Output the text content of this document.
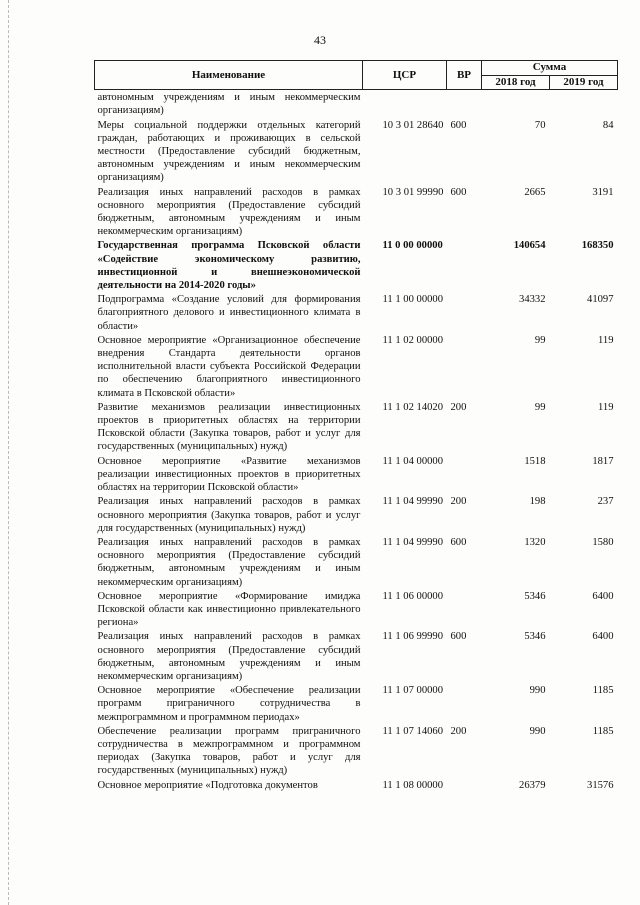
43
Наименование	ЦСР	ВР	Сумма	
			2018 год	2019 год
автономным учреждениям и иным некоммерческим организациям)				
Меры социальной поддержки отдельных категорий граждан, работающих и проживающих в сельской местности (Предоставление субсидий бюджетным, автономным учреждениям и иным некоммерческим организациям)	10 3 01 28640	600	70	84
Реализация иных направлений расходов в рамках основного мероприятия (Предоставление субсидий бюджетным, автономным учреждениям и иным некоммерческим организациям)	10 3 01 99990	600	2665	3191
Государственная программа Псковской области «Содействие экономическому развитию, инвестиционной и внешнеэкономической деятельности на 2014-2020 годы»	11 0 00 00000		140654	168350
Подпрограмма «Создание условий для формирования благоприятного делового и инвестиционного климата в области»	11 1 00 00000		34332	41097
Основное мероприятие «Организационное обеспечение внедрения Стандарта деятельности органов исполнительной власти субъекта Российской Федерации по обеспечению благоприятного инвестиционного климата в Псковской области»	11 1 02 00000		99	119
Развитие механизмов реализации инвестиционных проектов в приоритетных областях на территории Псковской области (Закупка товаров, работ и услуг для государственных (муниципальных) нужд)	11 1 02 14020	200	99	119
Основное мероприятие «Развитие механизмов реализации инвестиционных проектов в приоритетных областях на территории Псковской области»	11 1 04 00000		1518	1817
Реализация иных направлений расходов в рамках основного мероприятия (Закупка товаров, работ и услуг для государственных (муниципальных) нужд)	11 1 04 99990	200	198	237
Реализация иных направлений расходов в рамках основного мероприятия (Предоставление субсидий бюджетным, автономным учреждениям и иным некоммерческим организациям)	11 1 04 99990	600	1320	1580
Основное мероприятие «Формирование имиджа Псковской области как инвестиционно привлекательного региона»	11 1 06 00000		5346	6400
Реализация иных направлений расходов в рамках основного мероприятия (Предоставление субсидий бюджетным, автономным учреждениям и иным некоммерческим организациям)	11 1 06 99990	600	5346	6400
Основное мероприятие «Обеспечение реализации программ приграничного сотрудничества в межпрограммном и программном периодах»	11 1 07 00000		990	1185
Обеспечение реализации программ приграничного сотрудничества в межпрограммном и программном периодах (Закупка товаров, работ и услуг для государственных (муниципальных) нужд)	11 1 07 14060	200	990	1185
Основное мероприятие «Подготовка документов	11 1 08 00000		26379	31576
